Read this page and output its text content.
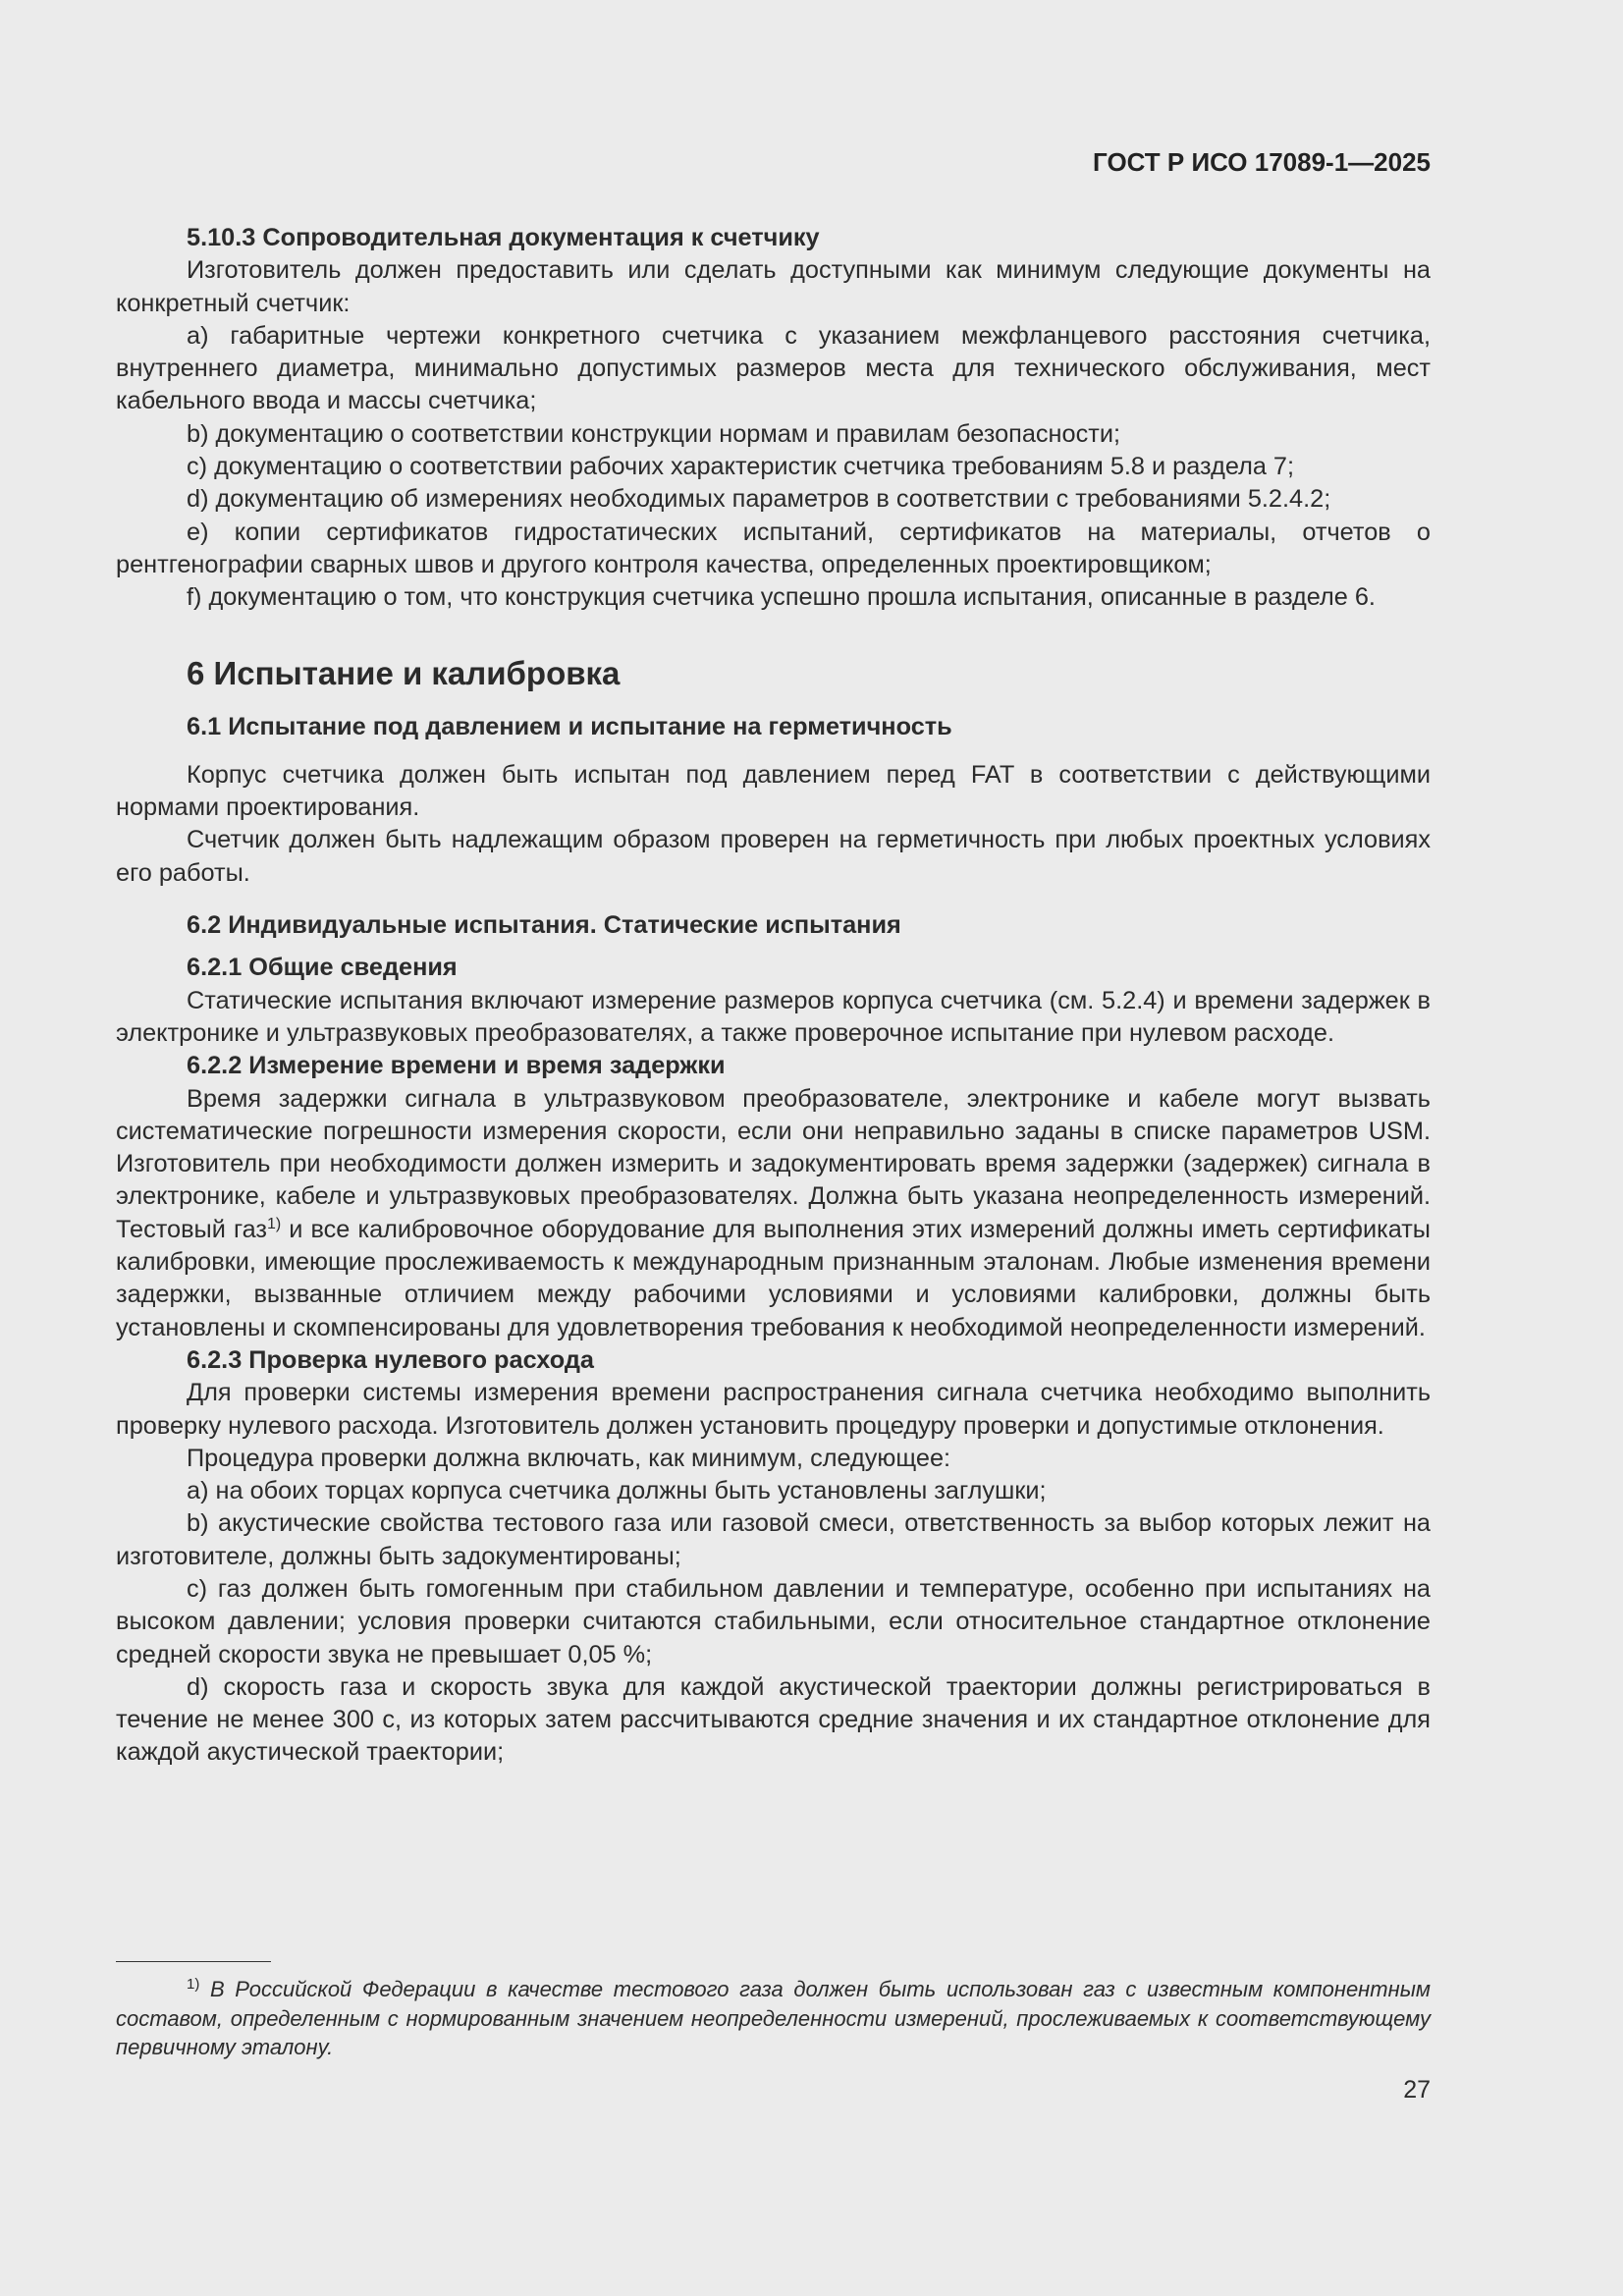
ГОСТ Р ИСО 17089-1—2025

5.10.3 Сопроводительная документация к счетчику

Изготовитель должен предоставить или сделать доступными как минимум следующие документы на конкретный счетчик:

a) габаритные чертежи конкретного счетчика с указанием межфланцевого расстояния счетчика, внутреннего диаметра, минимально допустимых размеров места для технического обслуживания, мест кабельного ввода и массы счетчика;

b) документацию о соответствии конструкции нормам и правилам безопасности;

c) документацию о соответствии рабочих характеристик счетчика требованиям 5.8 и раздела 7;

d) документацию об измерениях необходимых параметров в соответствии с требованиями 5.2.4.2;

e) копии сертификатов гидростатических испытаний, сертификатов на материалы, отчетов о рентгенографии сварных швов и другого контроля качества, определенных проектировщиком;

f) документацию о том, что конструкция счетчика успешно прошла испытания, описанные в разделе 6.

6 Испытание и калибровка

6.1 Испытание под давлением и испытание на герметичность

Корпус счетчика должен быть испытан под давлением перед FAT в соответствии с действующими нормами проектирования.

Счетчик должен быть надлежащим образом проверен на герметичность при любых проектных условиях его работы.

6.2 Индивидуальные испытания. Статические испытания

6.2.1 Общие сведения

Статические испытания включают измерение размеров корпуса счетчика (см. 5.2.4) и времени задержек в электронике и ультразвуковых преобразователях, а также проверочное испытание при нулевом расходе.

6.2.2 Измерение времени и время задержки

Время задержки сигнала в ультразвуковом преобразователе, электронике и кабеле могут вызвать систематические погрешности измерения скорости, если они неправильно заданы в списке параметров USM. Изготовитель при необходимости должен измерить и задокументировать время задержки (задержек) сигнала в электронике, кабеле и ультразвуковых преобразователях. Должна быть указана неопределенность измерений. Тестовый газ$^{1)}$ и все калибровочное оборудование для выполнения этих измерений должны иметь сертификаты калибровки, имеющие прослеживаемость к международным признанным эталонам. Любые изменения времени задержки, вызванные отличием между рабочими условиями и условиями калибровки, должны быть установлены и скомпенсированы для удовлетворения требования к необходимой неопределенности измерений.

6.2.3 Проверка нулевого расхода

Для проверки системы измерения времени распространения сигнала счетчика необходимо выполнить проверку нулевого расхода. Изготовитель должен установить процедуру проверки и допустимые отклонения.

Процедура проверки должна включать, как минимум, следующее:

a) на обоих торцах корпуса счетчика должны быть установлены заглушки;

b) акустические свойства тестового газа или газовой смеси, ответственность за выбор которых лежит на изготовителе, должны быть задокументированы;

c) газ должен быть гомогенным при стабильном давлении и температуре, особенно при испытаниях на высоком давлении; условия проверки считаются стабильными, если относительное стандартное отклонение средней скорости звука не превышает 0,05 %;

d) скорость газа и скорость звука для каждой акустической траектории должны регистрироваться в течение не менее 300 с, из которых затем рассчитываются средние значения и их стандартное отклонение для каждой акустической траектории;

$^{1)}$ В Российской Федерации в качестве тестового газа должен быть использован газ с известным компонентным составом, определенным с нормированным значением неопределенности измерений, прослеживаемых к соответствующему первичному эталону.

27
